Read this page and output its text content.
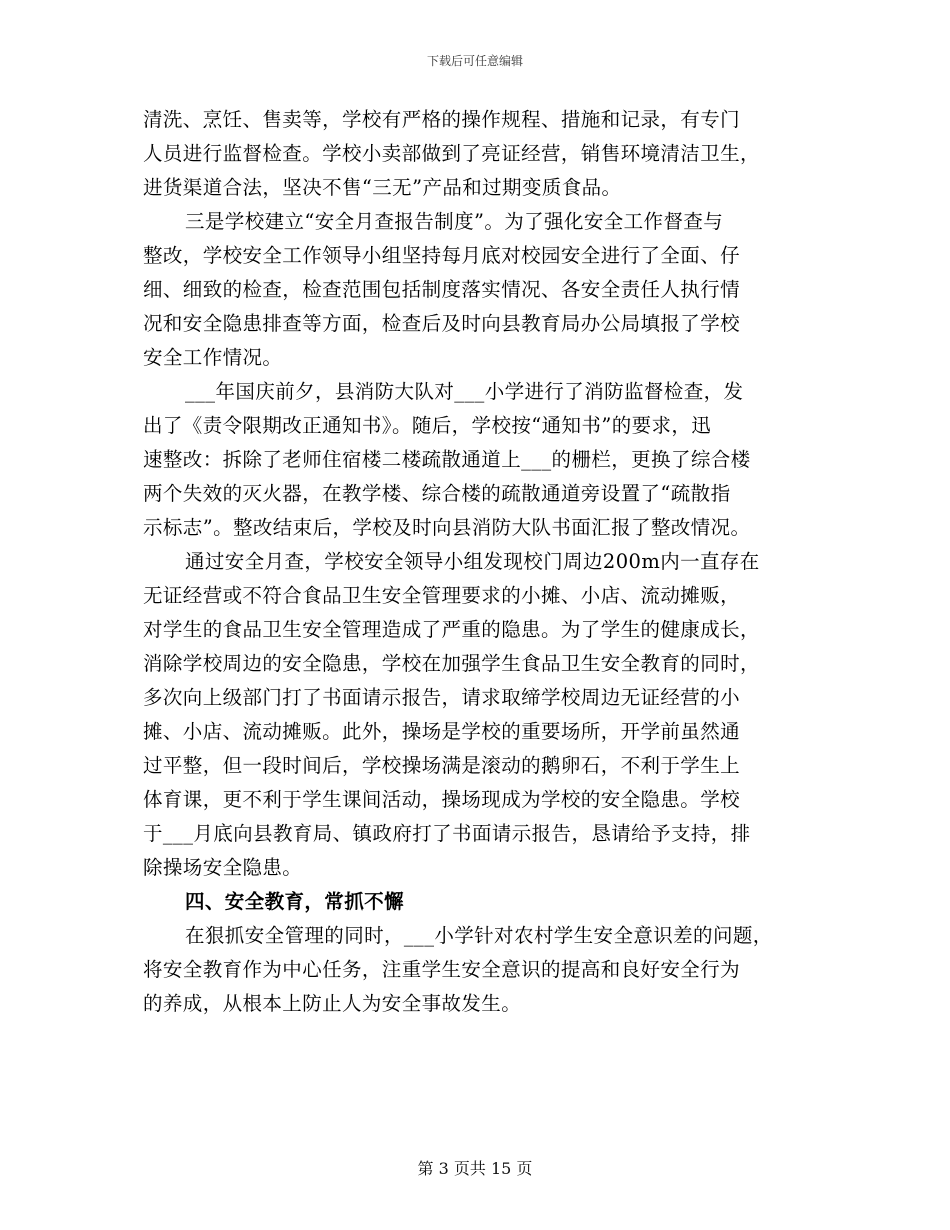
下载后可任意编辑
清洗、烹饪、售卖等，学校有严格的操作规程、措施和记录，有专门
人员进行监督检查。学校小卖部做到了亮证经营，销售环境清洁卫生，
进货渠道合法，坚决不售“三无”产品和过期变质食品。
三是学校建立“安全月查报告制度”。为了强化安全工作督查与
整改，学校安全工作领导小组坚持每月底对校园安全进行了全面、仔
细、细致的检查，检查范围包括制度落实情况、各安全责任人执行情
况和安全隐患排查等方面，检查后及时向县教育局办公局填报了学校
安全工作情况。
___年国庆前夕，县消防大队对___小学进行了消防监督检查，发
出了《责令限期改正通知书》。随后，学校按“通知书”的要求，迅
速整改：拆除了老师住宿楼二楼疏散通道上___的栅栏，更换了综合楼
两个失效的灭火器，在教学楼、综合楼的疏散通道旁设置了“疏散指
示标志”。整改结束后，学校及时向县消防大队书面汇报了整改情况。
通过安全月查，学校安全领导小组发现校门周边200m内一直存在
无证经营或不符合食品卫生安全管理要求的小摊、小店、流动摊贩，
对学生的食品卫生安全管理造成了严重的隐患。为了学生的健康成长，
消除学校周边的安全隐患，学校在加强学生食品卫生安全教育的同时，
多次向上级部门打了书面请示报告，请求取缔学校周边无证经营的小
摊、小店、流动摊贩。此外，操场是学校的重要场所，开学前虽然通
过平整，但一段时间后，学校操场满是滚动的鹅卵石，不利于学生上
体育课，更不利于学生课间活动，操场现成为学校的安全隐患。学校
于___月底向县教育局、镇政府打了书面请示报告，恳请给予支持，排
除操场安全隐患。
四、安全教育，常抓不懈
在狠抓安全管理的同时，___小学针对农村学生安全意识差的问题，
将安全教育作为中心任务，注重学生安全意识的提高和良好安全行为
的养成，从根本上防止人为安全事故发生。
第 3 页共 15 页
